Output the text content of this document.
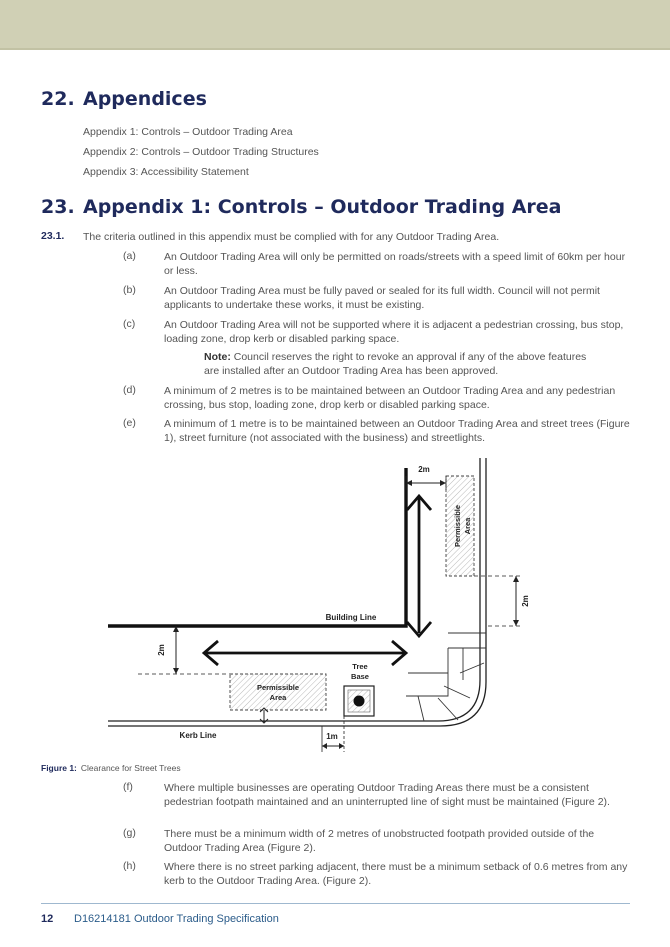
22. Appendices
Appendix 1: Controls – Outdoor Trading Area
Appendix 2: Controls – Outdoor Trading Structures
Appendix 3: Accessibility Statement
23. Appendix 1: Controls – Outdoor Trading Area
23.1. The criteria outlined in this appendix must be complied with for any Outdoor Trading Area.
(a)	An Outdoor Trading Area will only be permitted on roads/streets with a speed limit of 60km per hour or less.
(b)	An Outdoor Trading Area must be fully paved or sealed for its full width. Council will not permit applicants to undertake these works, it must be existing.
(c)	An Outdoor Trading Area will not be supported where it is adjacent a pedestrian crossing, bus stop, loading zone, drop kerb or disabled parking space.
Note: Council reserves the right to revoke an approval if any of the above features are installed after an Outdoor Trading Area has been approved.
(d)	A minimum of 2 metres is to be maintained between an Outdoor Trading Area and any pedestrian crossing, bus stop, loading zone, drop kerb or disabled parking space.
(e)	A minimum of 1 metre is to be maintained between an Outdoor Trading Area and street trees (Figure 1), street furniture (not associated with the business) and streetlights.
Permissible Area
2m
2m
Building Line
2m
Permissible
Area
Tree
Base
Kerb Line	1m
Figure 1: Clearance for Street Trees
(f)	Where multiple businesses are operating Outdoor Trading Areas there must be a consistent pedestrian footpath maintained and an uninterrupted line of sight must be maintained (Figure 2).
(g)	There must be a minimum width of 2 metres of unobstructed footpath provided outside of the Outdoor Trading Area (Figure 2).
(h)	Where there is no street parking adjacent, there must be a minimum setback of 0.6 metres from any kerb to the Outdoor Trading Area. (Figure 2).
12 D16214181 Outdoor Trading Specification
